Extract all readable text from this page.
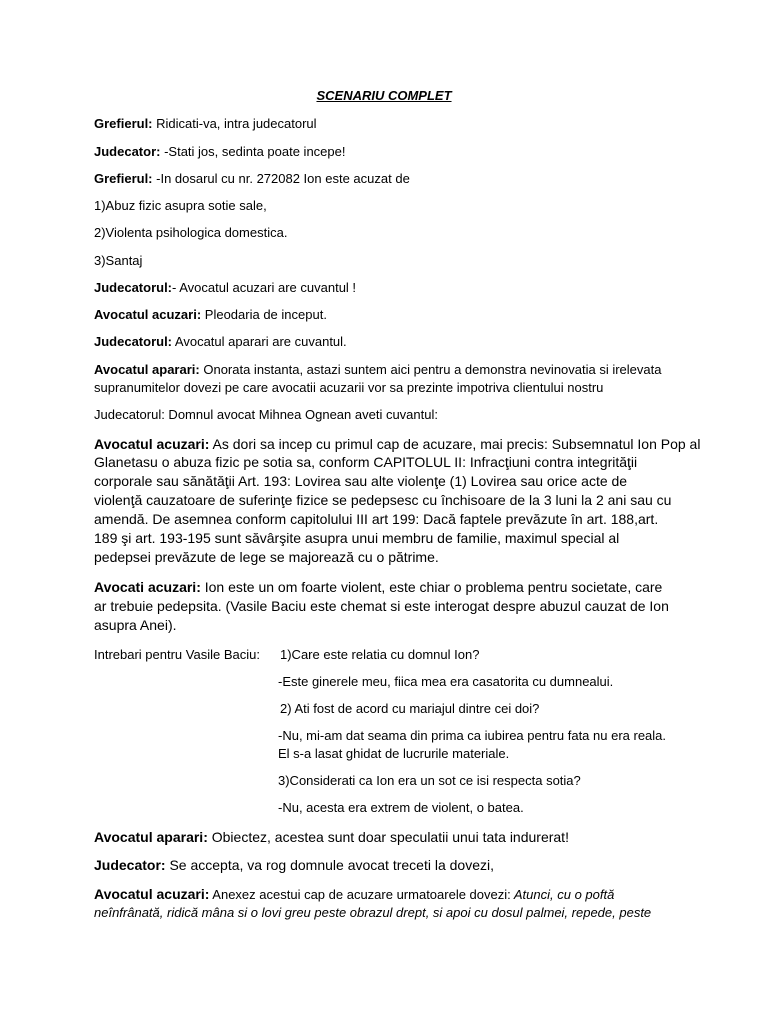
SCENARIU COMPLET
Grefierul: Ridicati-va, intra judecatorul
Judecator: -Stati jos, sedinta poate incepe!
Grefierul: -In dosarul cu nr. 272082 Ion este acuzat de
1)Abuz fizic asupra sotie sale,
2)Violenta psihologica domestica.
3)Santaj
Judecatorul:- Avocatul acuzari are cuvantul !
Avocatul acuzari: Pleodaria de inceput.
Judecatorul: Avocatul aparari are cuvantul.
Avocatul aparari: Onorata instanta, astazi suntem aici pentru a demonstra nevinovatia si irelevata
supranumitelor dovezi pe care avocatii acuzarii vor sa prezinte impotriva clientului nostru
Judecatorul: Domnul avocat Mihnea Ognean aveti cuvantul:
Avocatul acuzari: As dori sa incep cu primul cap de acuzare, mai precis: Subsemnatul Ion Pop al
Glanetasu o abuza fizic pe sotia sa, conform CAPITOLUL II: Infracţiuni contra integrităţii
corporale sau sănătăţii Art. 193: Lovirea sau alte violenţe (1) Lovirea sau orice acte de
violenţă cauzatoare de suferinţe fizice se pedepsesc cu închisoare de la 3 luni la 2 ani sau cu
amendă. De asemnea conform capitolului III art 199: Dacă faptele prevăzute în art. 188,art.
189 şi art. 193-195 sunt săvârşite asupra unui membru de familie, maximul special al
pedepsei prevăzute de lege se majorează cu o pătrime.
Avocati acuzari: Ion este un om foarte violent, este chiar o problema pentru societate, care
ar trebuie pedepsita. (Vasile Baciu este chemat si este interogat despre abuzul cauzat de Ion
asupra Anei).
Intrebari pentru Vasile Baciu: 1)Care este relatia cu domnul Ion?
-Este ginerele meu, fiica mea era casatorita cu dumnealui.
2) Ati fost de acord cu mariajul dintre cei doi?
-Nu, mi-am dat seama din prima ca iubirea pentru fata nu era reala.
El s-a lasat ghidat de lucrurile materiale.
3)Considerati ca Ion era un sot ce isi respecta sotia?
-Nu, acesta era extrem de violent, o batea.
Avocatul aparari: Obiectez, acestea sunt doar speculatii unui tata indurerat!
Judecator: Se accepta, va rog domnule avocat treceti la dovezi,
Avocatul acuzari: Anexez acestui cap de acuzare urmatoarele dovezi: Atunci, cu o poftă
neînfrânată, ridică mâna si o lovi greu peste obrazul drept, si apoi cu dosul palmei, repede, peste
